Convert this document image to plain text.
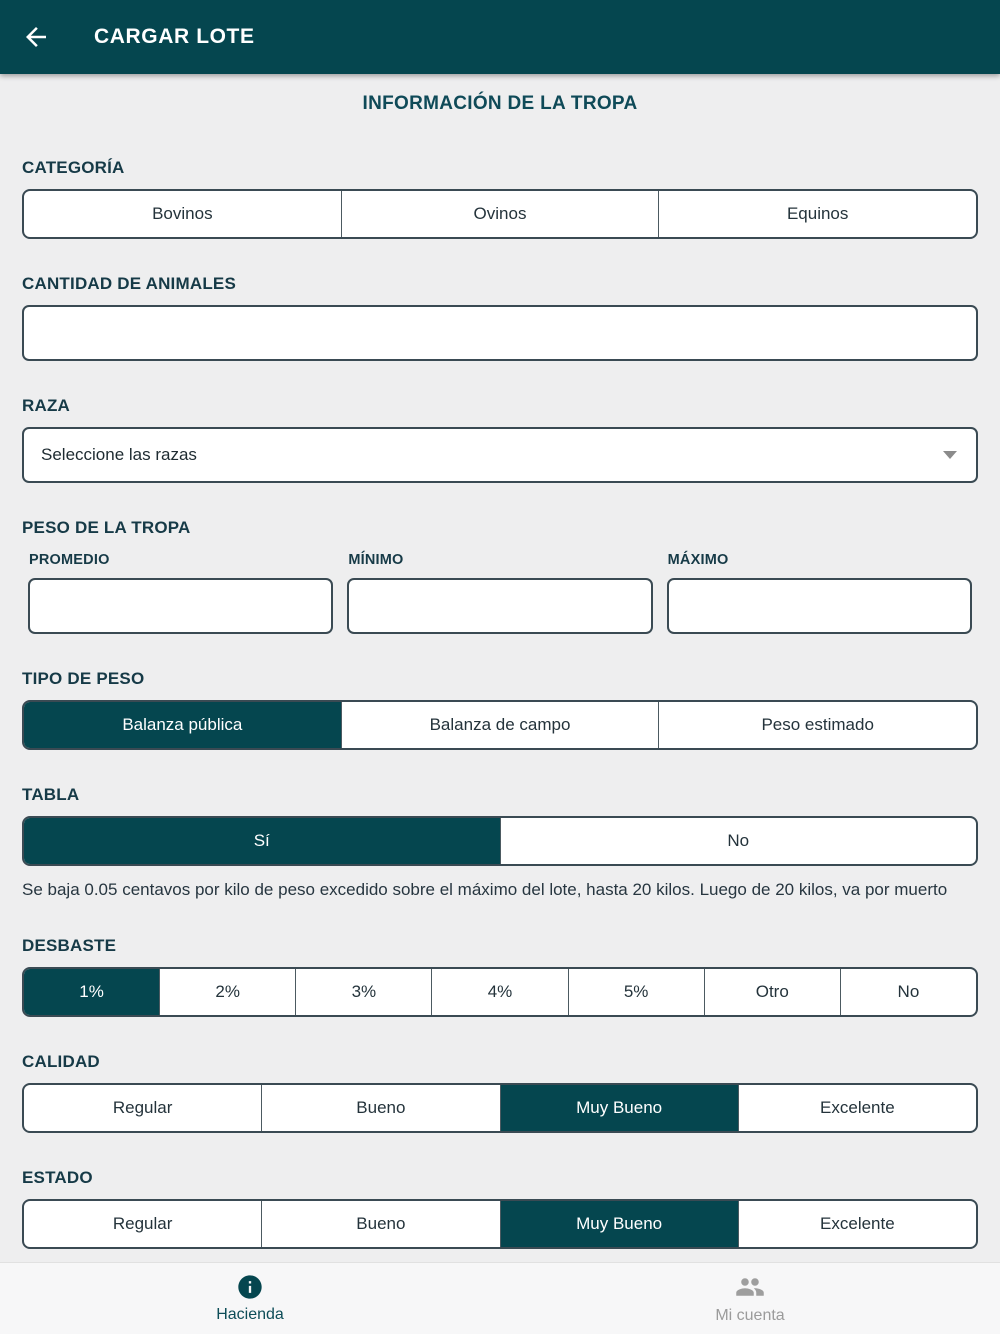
CARGAR LOTE
INFORMACIÓN DE LA TROPA
CATEGORÍA
Bovinos	Ovinos	Equinos
CANTIDAD DE ANIMALES
RAZA
Seleccione las razas
PESO DE LA TROPA
PROMEDIO	MÍNIMO	MÁXIMO
TIPO DE PESO
Balanza pública	Balanza de campo	Peso estimado
TABLA
Sí	No
Se baja 0.05 centavos por kilo de peso excedido sobre el máximo del lote, hasta 20 kilos. Luego de 20 kilos, va por muerto
DESBASTE
1%	2%	3%	4%	5%	Otro	No
CALIDAD
Regular	Bueno	Muy Bueno	Excelente
ESTADO
Regular	Bueno	Muy Bueno	Excelente
Hacienda	Mi cuenta
